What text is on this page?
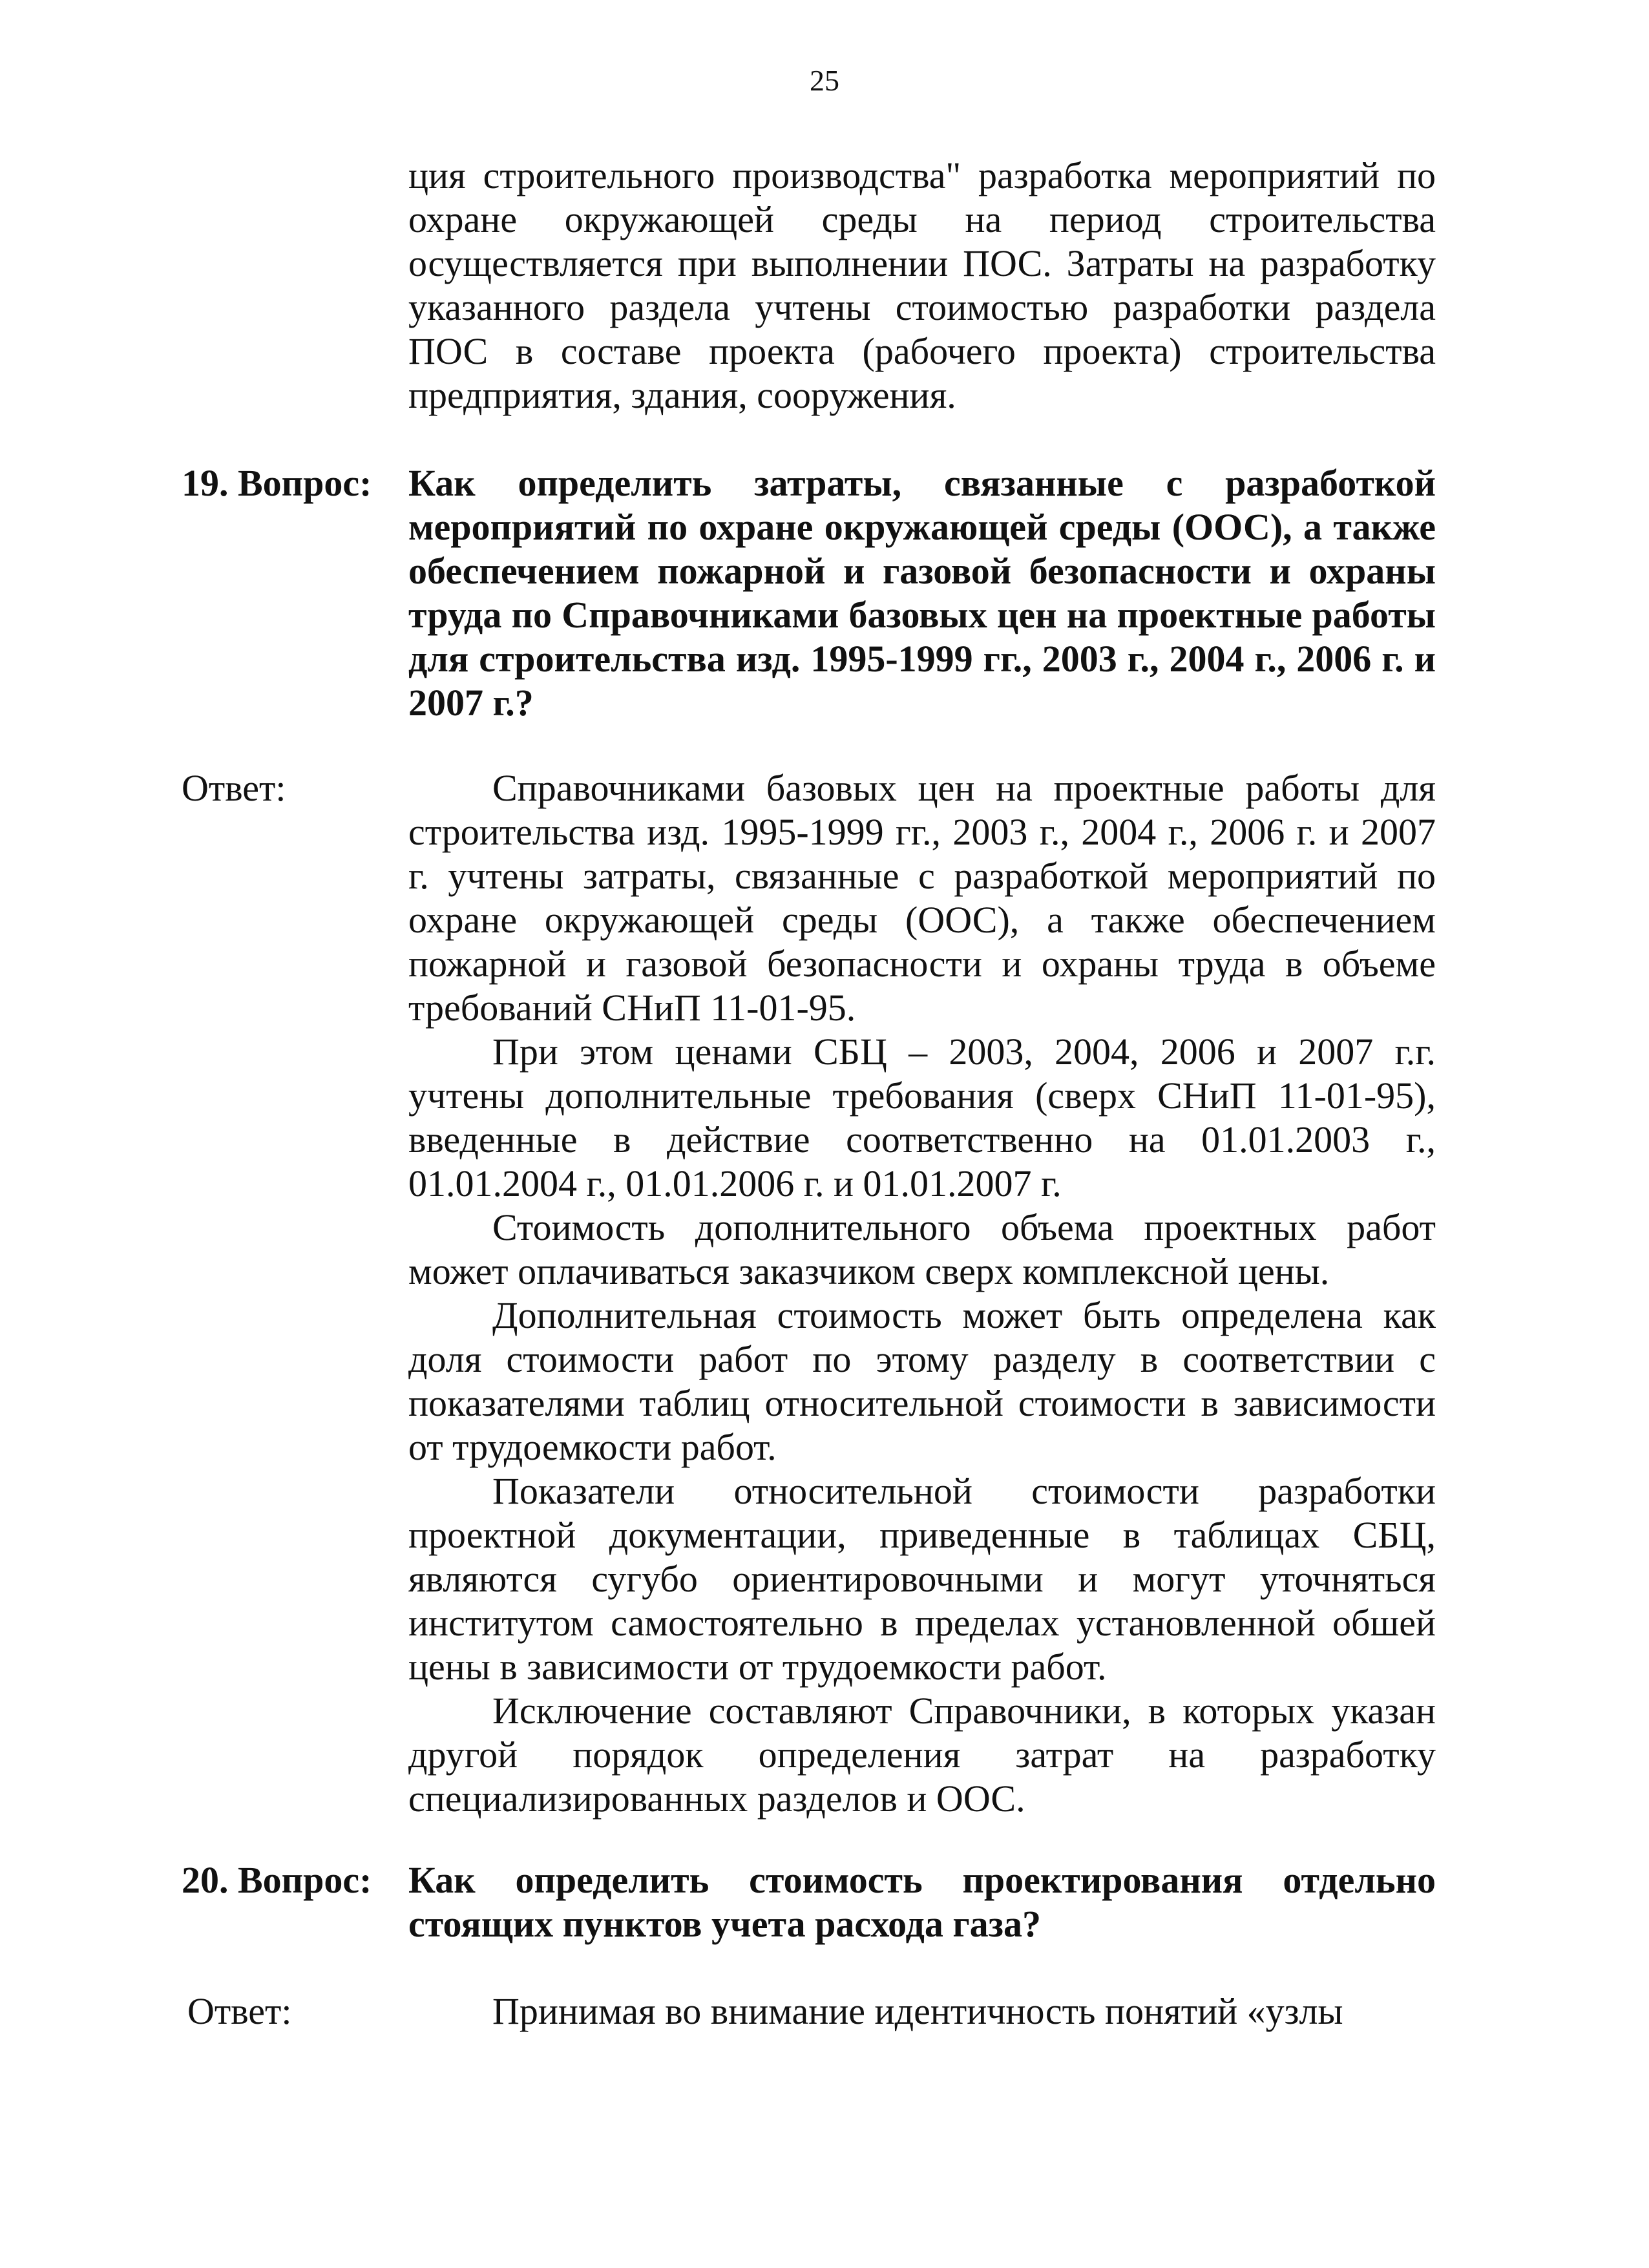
25

ция строительного производства" разработка мероприятий по охране окружающей среды на период строительства осуществляется при выполнении ПОС. Затраты на разработку указанного раздела учтены стоимостью разработки раздела ПОС в составе проекта (рабочего проекта) строительства предприятия, здания, сооружения.

19. Вопрос: Как определить затраты, связанные с разработкой мероприятий по охране окружающей среды (ООС), а также обеспечением пожарной и газовой безопасности и охраны труда по Справочниками базовых цен на проектные работы для строительства изд. 1995-1999 гг., 2003 г., 2004 г., 2006 г. и 2007 г.?

Ответ:	Справочниками базовых цен на проектные работы для строительства изд. 1995-1999 гг., 2003 г., 2004 г., 2006 г. и 2007 г. учтены затраты, связанные с разработкой мероприятий по охране окружающей среды (ООС), а также обеспечением пожарной и газовой безопасности и охраны труда в объеме требований СНиП 11-01-95.

При этом ценами СБЦ – 2003, 2004, 2006 и 2007 г.г. учтены дополнительные требования (сверх СНиП 11-01-95), введенные в действие соответственно на 01.01.2003 г., 01.01.2004 г., 01.01.2006 г. и 01.01.2007 г.

Стоимость дополнительного объема проектных работ может оплачиваться заказчиком сверх комплексной цены.

Дополнительная стоимость может быть определена как доля стоимости работ по этому разделу в соответствии с показателями таблиц относительной стоимости в зависимости от трудоемкости работ.

Показатели относительной стоимости разработки проектной документации, приведенные в таблицах СБЦ, являются сугубо ориентировочными и могут уточняться институтом самостоятельно в пределах установленной обшей цены в зависимости от трудоемкости работ.

Исключение составляют Справочники, в которых указан другой порядок определения затрат на разработку специализированных разделов и ООС.

20. Вопрос: Как определить стоимость проектирования отдельно стоящих пунктов учета расхода газа?

Ответ:	Принимая во внимание идентичность понятий «узлы
